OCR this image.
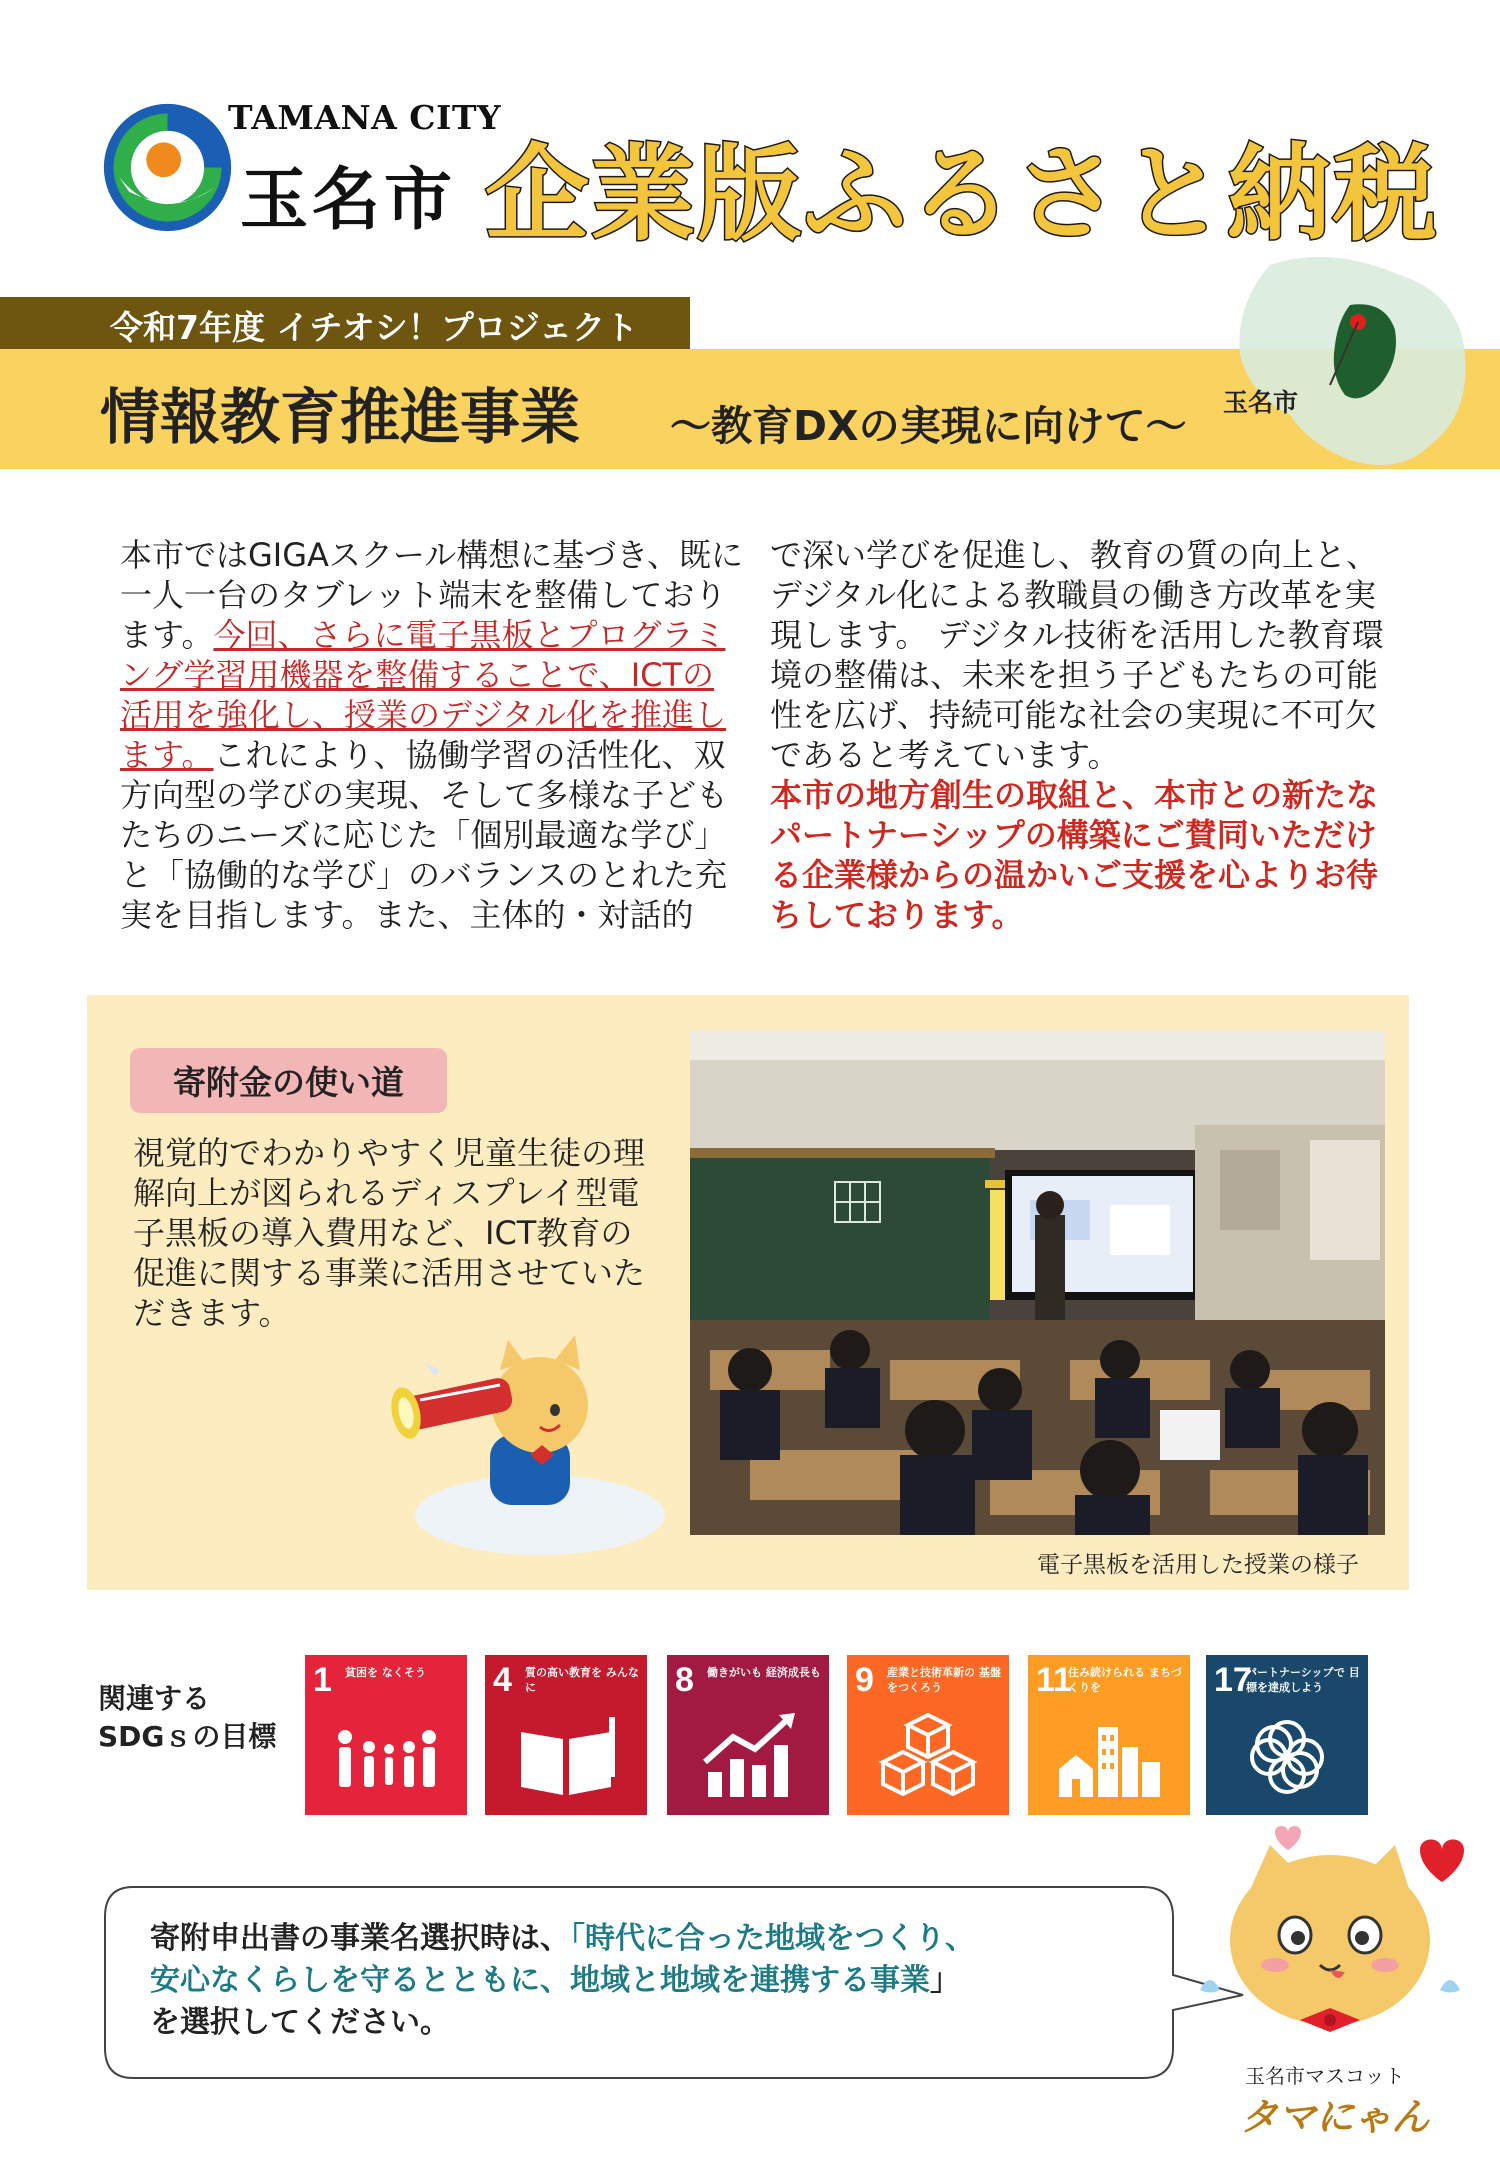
TAMANA CITY
玉名市 企業版ふるさと納税
令和7年度 イチオシ！プロジェクト
情報教育推進事業 ～教育DXの実現に向けて～ 玉名市
本市ではGIGAスクール構想に基づき、既に一人一台のタブレット端末を整備しております。今回、さらに電子黒板とプログラミング学習用機器を整備することで、ICTの活用を強化し、授業のデジタル化を推進します。これにより、協働学習の活性化、双方向型の学びの実現、そして多様な子どもたちのニーズに応じた「個別最適な学び」と「協働的な学び」のバランスのとれた充実を目指します。また、主体的・対話的
で深い学びを促進し、教育の質の向上と、デジタル化による教職員の働き方改革を実現します。 デジタル技術を活用した教育環境の整備は、未来を担う子どもたちの可能性を広げ、持続可能な社会の実現に不可欠であると考えています。
本市の地方創生の取組と、本市との新たなパートナーシップの構築にご賛同いただける企業様からの温かいご支援を心よりお待ちしております。
寄附金の使い道
視覚的でわかりやすく児童生徒の理解向上が図られるディスプレイ型電子黒板の導入費用など、ICT教育の促進に関する事業に活用させていただきます。
電子黒板を活用した授業の様子
関連する
SDGｓの目標
1 貧困を なくそう	4 質の高い教育を みんなに	8 働きがいも 経済成長も 9 産業と技術革新の 基盤をつくろう	11
住み続けられる まちづくりを	17
パートナーシップで 目標を達成しよう
寄附申出書の事業名選択時は、「時代に合った地域をつくり、
安心なくらしを守るとともに、地域と地域を連携する事業」
を選択してください。
玉名市マスコット
タマにゃん
